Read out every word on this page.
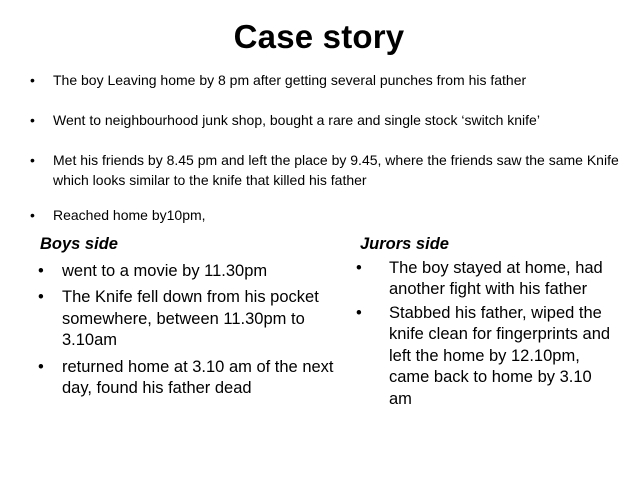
Case story
•	The boy Leaving home by 8 pm after getting several punches from his father
•	Went to neighbourhood junk shop, bought a rare and single stock ‘switch knife’
•	Met his friends by 8.45 pm and left the place by 9.45, where the friends saw the same Knife which looks similar to the knife that killed his father
•	Reached home by10pm,
Boys side
• went to a movie by 11.30pm
• The Knife fell down from his pocket somewhere, between 11.30pm to 3.10am
• returned home at 3.10 am of the next day, found his father dead
Jurors side
• The boy stayed at home, had another fight with his father
• Stabbed his father, wiped the knife clean for fingerprints and left the home by 12.10pm, came back to home by 3.10 am
